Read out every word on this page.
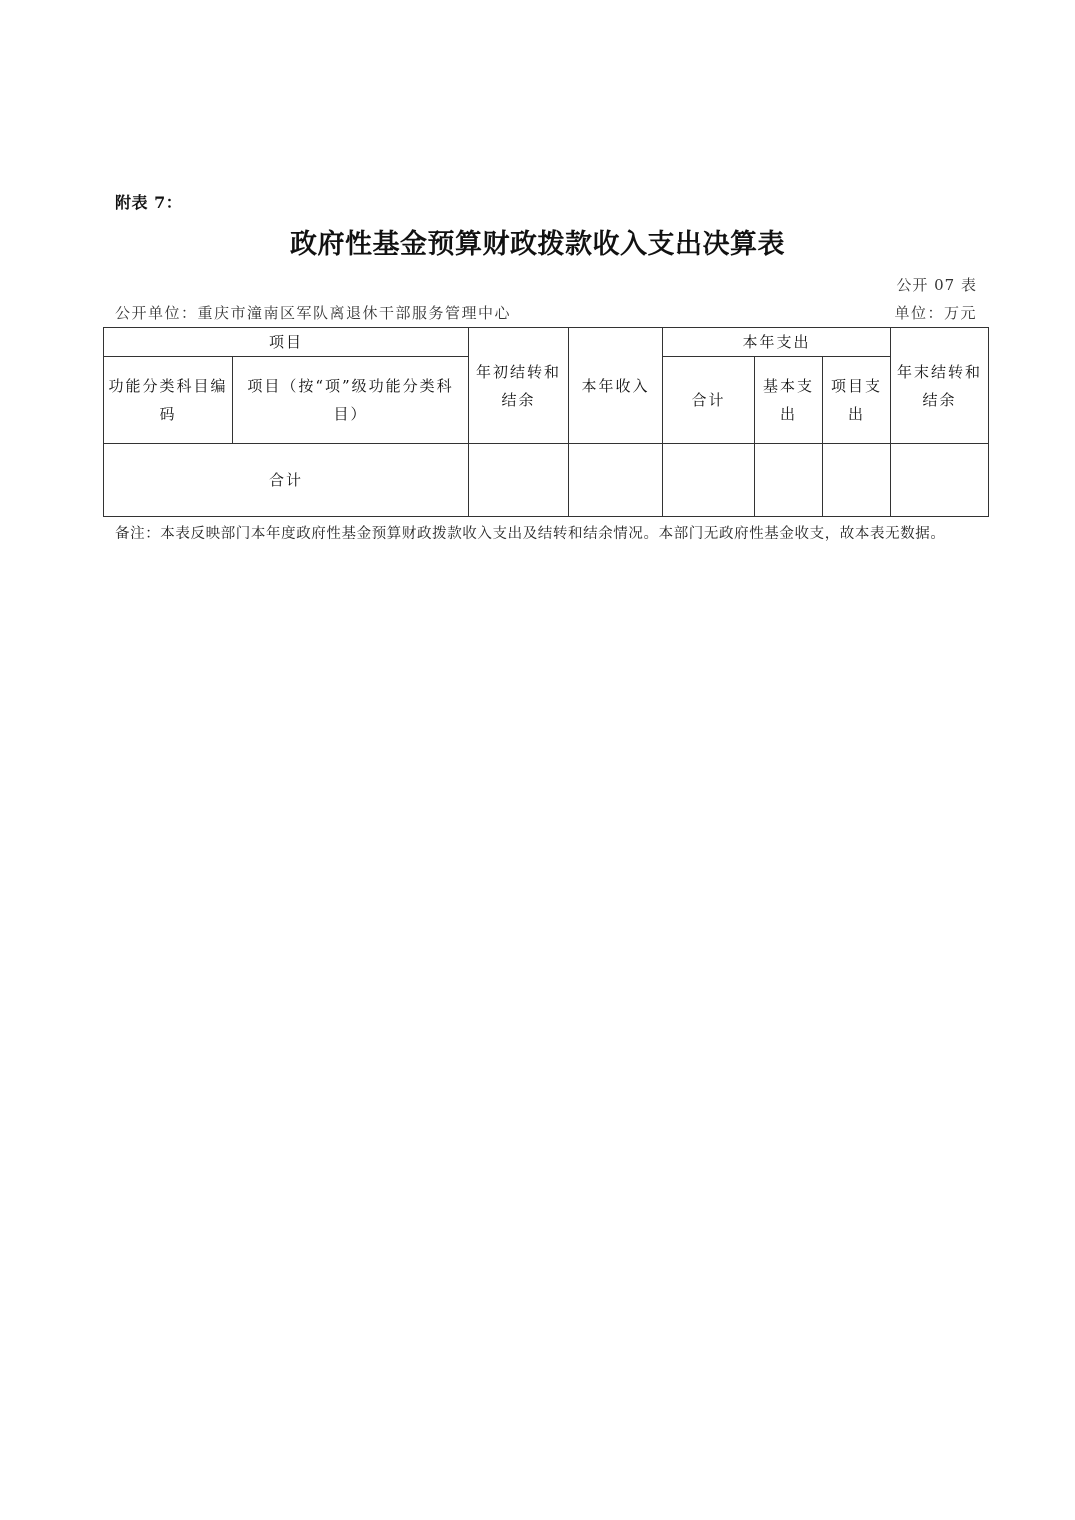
附表 7：
政府性基金预算财政拨款收入支出决算表
公开 07 表
公开单位：重庆市潼南区军队离退休干部服务管理中心	单位：万元
项目		年初结转和结余	本年收入	本年支出			年末结转和结余
功能分类科目编码	项目（按“项”级功能分类科目）			合计	基本支出	项目支出	
合计							
备注：本表反映部门本年度政府性基金预算财政拨款收入支出及结转和结余情况。本部门无政府性基金收支，故本表无数据。
